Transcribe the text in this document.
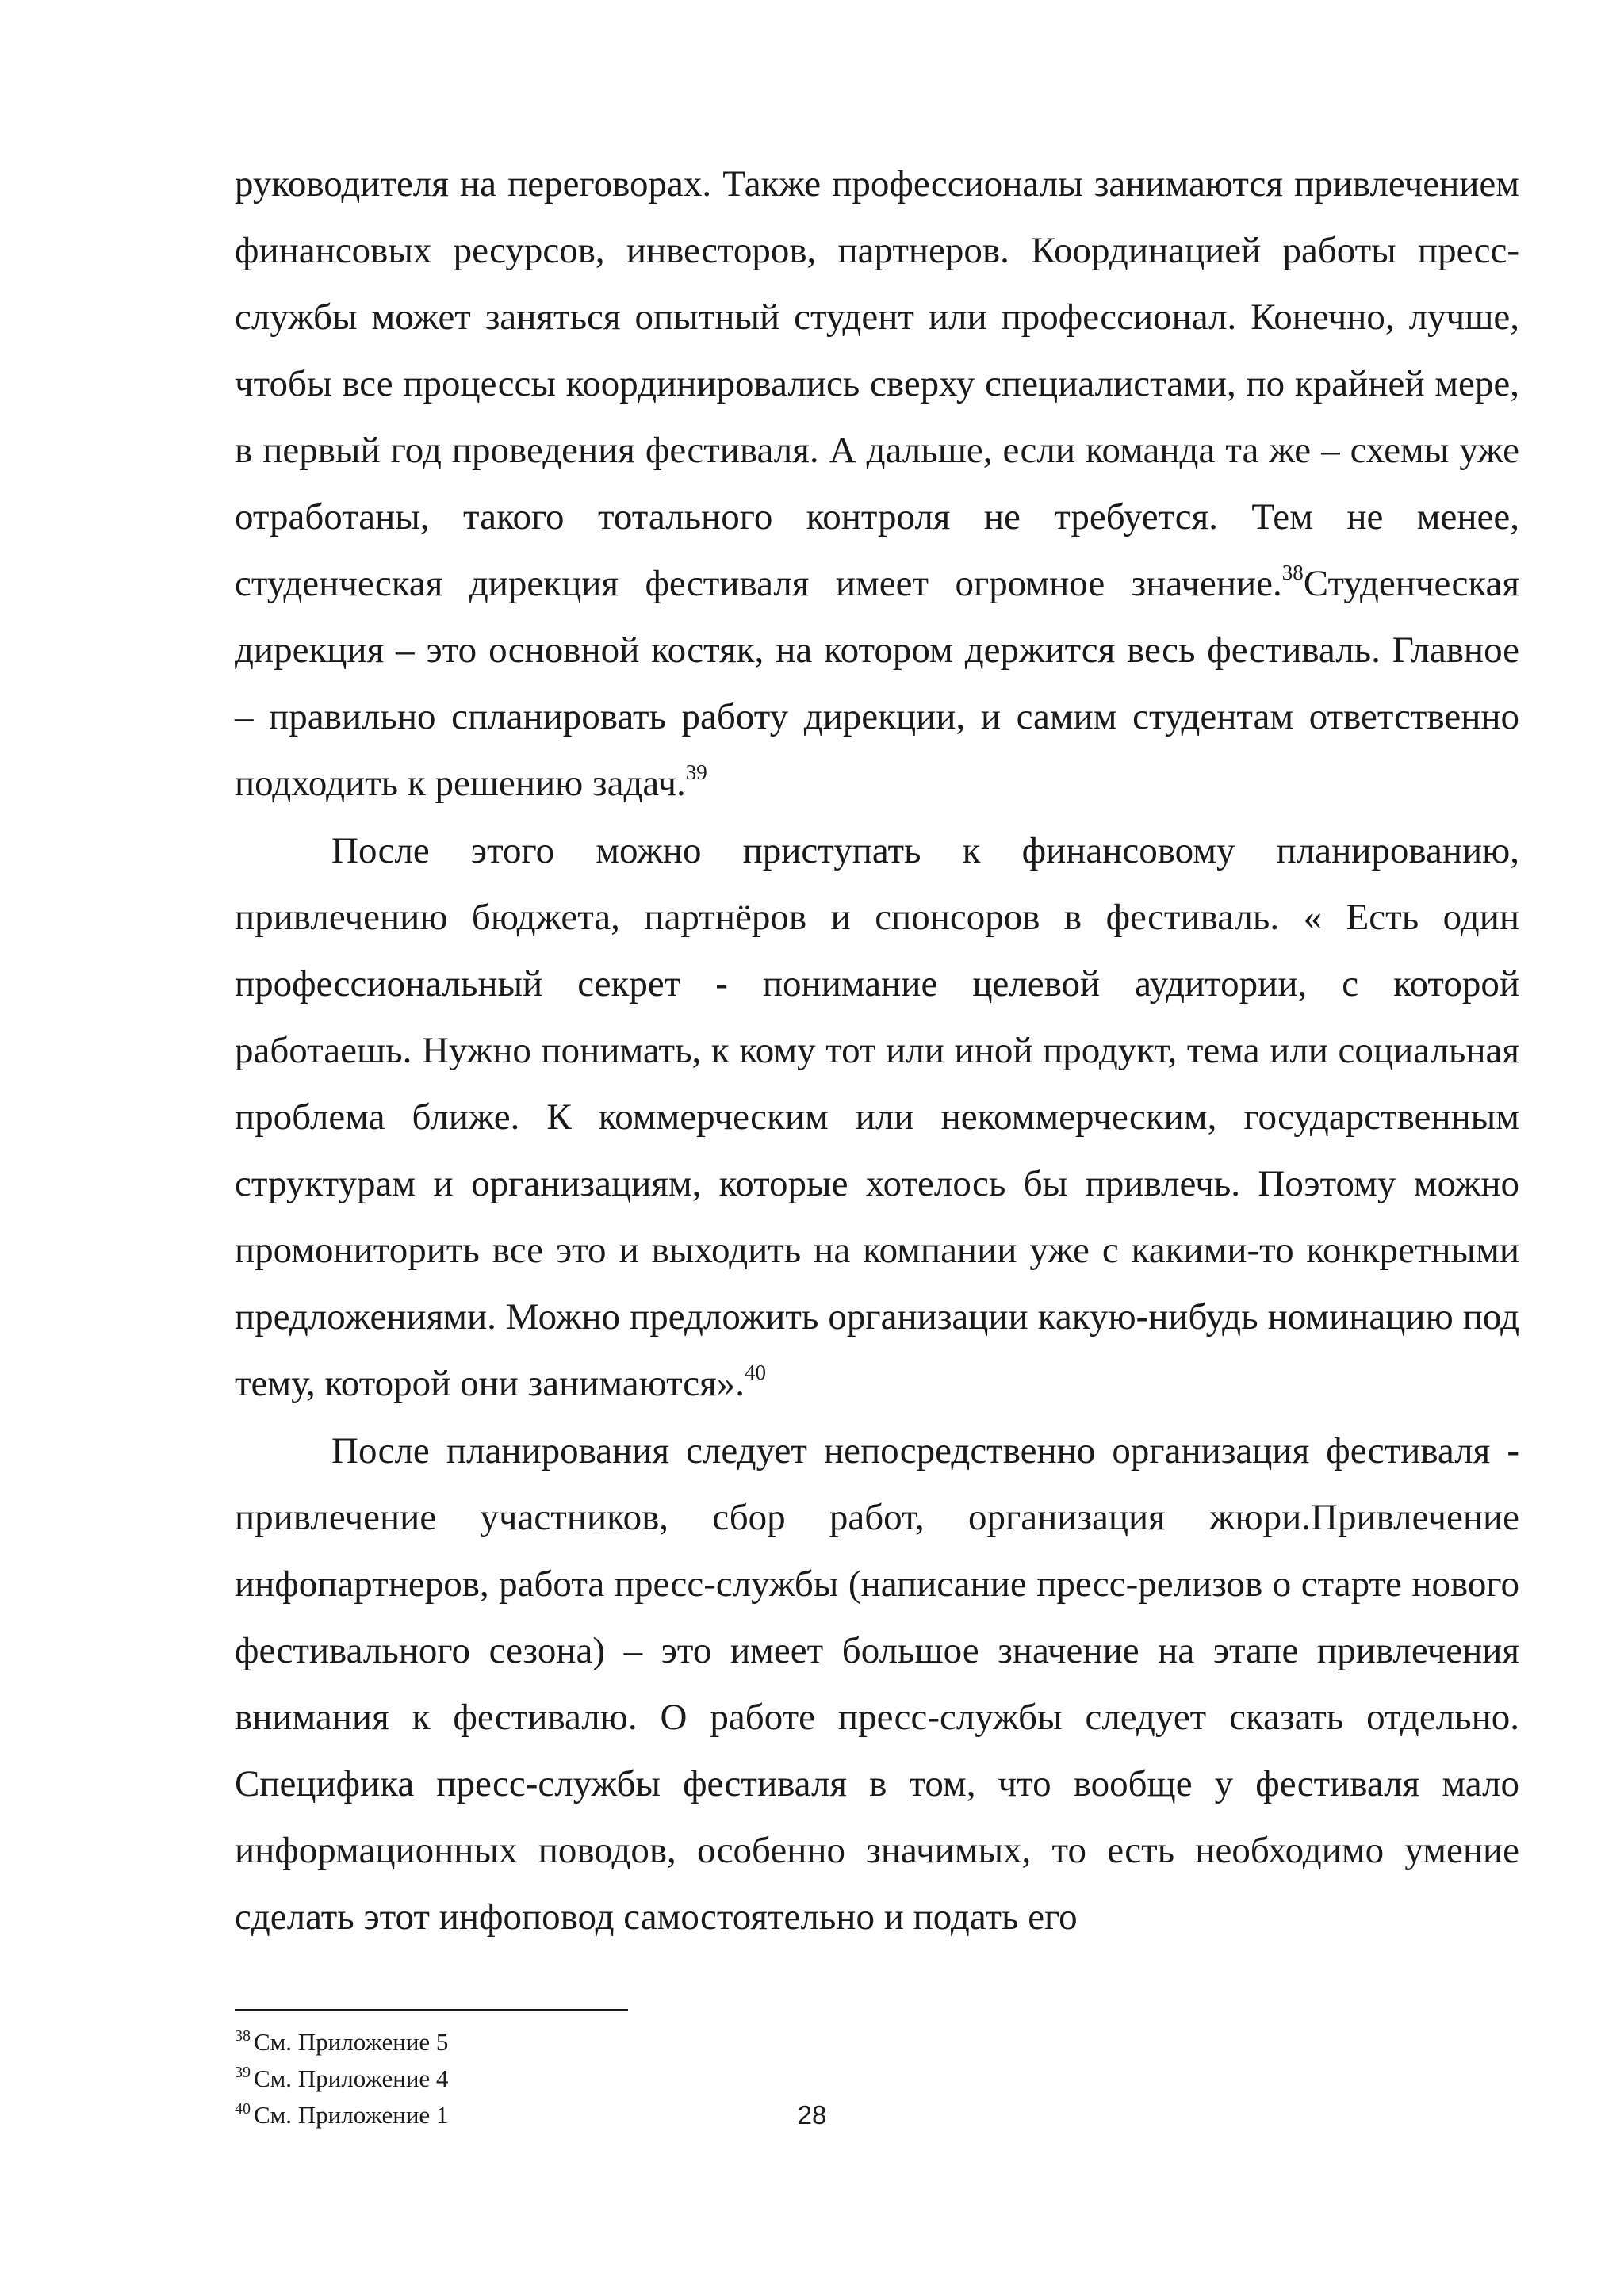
руководителя на переговорах. Также профессионалы занимаются привлечением финансовых ресурсов, инвесторов, партнеров. Координацией работы пресс-службы может заняться опытный студент или профессионал. Конечно, лучше, чтобы все процессы координировались сверху специалистами, по крайней мере, в первый год проведения фестиваля. А дальше, если команда та же – схемы уже отработаны, такого тотального контроля не требуется. Тем не менее, студенческая дирекция фестиваля имеет огромное значение.$^{38}$Студенческая дирекция – это основной костяк, на котором держится весь фестиваль. Главное – правильно спланировать работу дирекции, и самим студентам ответственно подходить к решению задач.$^{39}$

После этого можно приступать к финансовому планированию, привлечению бюджета, партнёров и спонсоров в фестиваль. « Есть один профессиональный секрет - понимание целевой аудитории, с которой работаешь. Нужно понимать, к кому тот или иной продукт, тема или социальная проблема ближе. К коммерческим или некоммерческим, государственным структурам и организациям, которые хотелось бы привлечь. Поэтому можно промониторить все это и выходить на компании уже с какими-то конкретными предложениями. Можно предложить организации какую-нибудь номинацию под тему, которой они занимаются».$^{40}$

После планирования следует непосредственно организация фестиваля - привлечение участников, сбор работ, организация жюри.Привлечение инфопартнеров, работа пресс-службы (написание пресс-релизов о старте нового фестивального сезона) – это имеет большое значение на этапе привлечения внимания к фестивалю. О работе пресс-службы следует сказать отдельно. Специфика пресс-службы фестиваля в том, что вообще у фестиваля мало информационных поводов, особенно значимых, то есть необходимо умение сделать этот инфоповод самостоятельно и подать его

$^{38}$ См. Приложение 5
$^{39}$ См. Приложение 4
$^{40}$ См. Приложение 1	28
